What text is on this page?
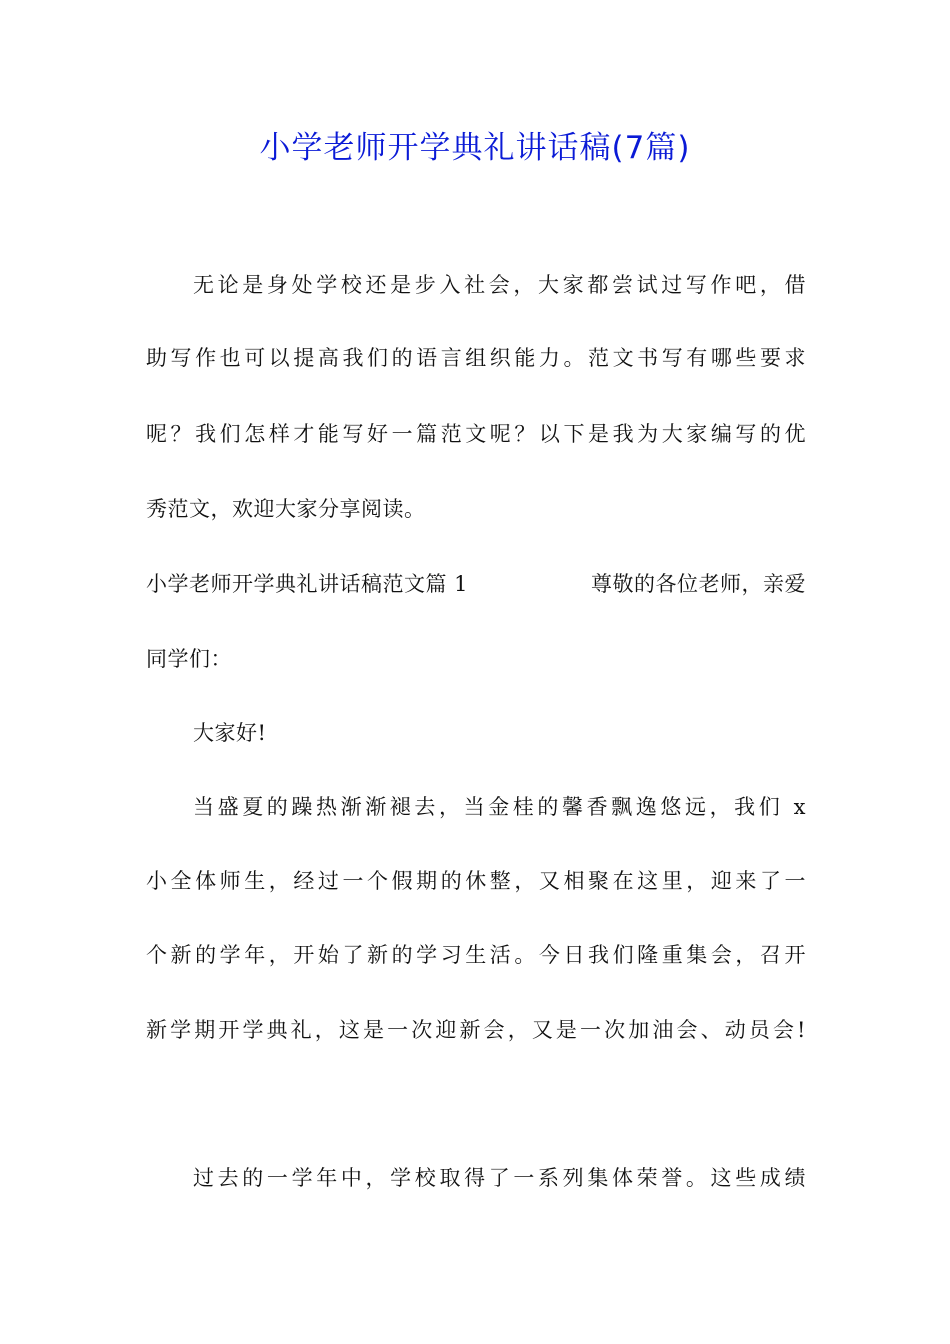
小学老师开学典礼讲话稿(7篇)
无论是身处学校还是步入社会，大家都尝试过写作吧，借
助写作也可以提高我们的语言组织能力。范文书写有哪些要求
呢？我们怎样才能写好一篇范文呢？以下是我为大家编写的优
秀范文，欢迎大家分享阅读。
小学老师开学典礼讲话稿范文篇 1	尊敬的各位老师，亲爱
同学们：
大家好!
当盛夏的躁热渐渐褪去，当金桂的馨香飘逸悠远，我们 x
小全体师生，经过一个假期的休整，又相聚在这里，迎来了一
个新的学年，开始了新的学习生活。今日我们隆重集会，召开
新学期开学典礼，这是一次迎新会，又是一次加油会、动员会!
过去的一学年中，学校取得了一系列集体荣誉。这些成绩
